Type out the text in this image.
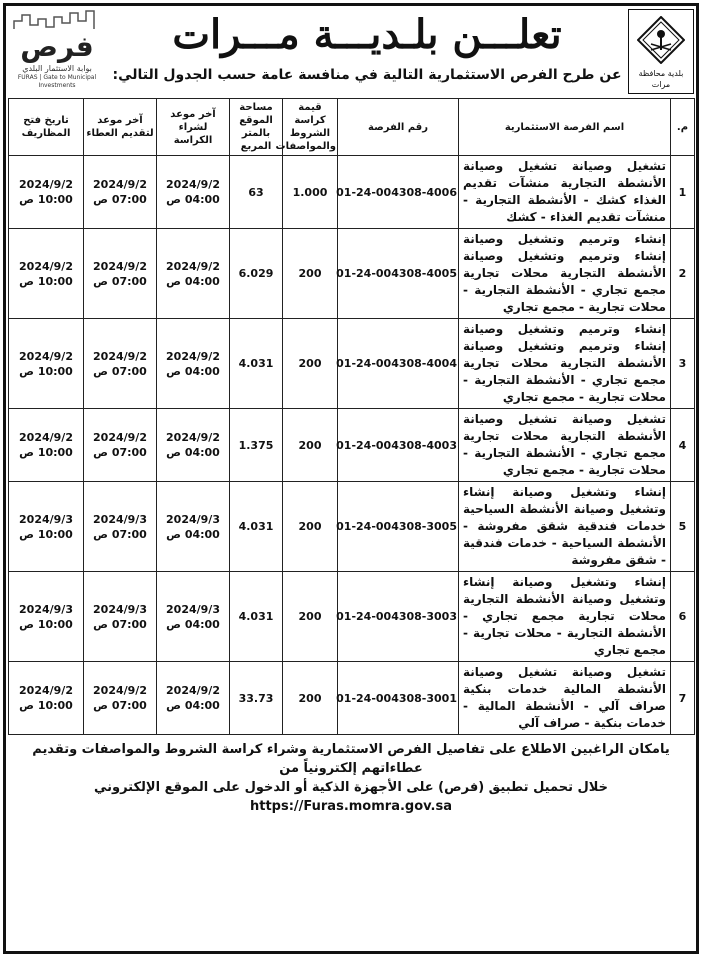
فرص
بوابة الاستثمار البلدي
FURAS | Gate to Municipal Investments
تعلـــن بلـديـــة مـــرات
عن طرح الفرص الاستثمارية التالية في منافسة عامة حسب الجدول التالي:	بلدية محافظة مرات
م.	اسم الفرصة الاستثمارية	رقم الفرصة	قيمة كراسة الشروط والمواصفات	مساحة الموقع بالمتر المربع	آخر موعد لشراء الكراسة	آخر موعد لتقديم العطاء	تاريخ فتح المظاريف
1	تشغيل وصيانة تشغيل وصيانة الأنشطة التجارية منشآت تقديم الغذاء كشك - الأنشطة التجارية - منشآت تقديم الغذاء - كشك	01-24-004308-4006	1.000	63	2024/9/2 04:00 ص	2024/9/2 07:00 ص	2024/9/2 10:00 ص
2	إنشاء وترميم وتشغيل وصيانة إنشاء وترميم وتشغيل وصيانة الأنشطة التجارية محلات تجارية مجمع تجاري - الأنشطة التجارية - محلات تجارية - مجمع تجاري	01-24-004308-4005	200	6.029	2024/9/2 04:00 ص	2024/9/2 07:00 ص	2024/9/2 10:00 ص
3	إنشاء وترميم وتشغيل وصيانة إنشاء وترميم وتشغيل وصيانة الأنشطة التجارية محلات تجارية مجمع تجاري - الأنشطة التجارية - محلات تجارية - مجمع تجاري	01-24-004308-4004	200	4.031	2024/9/2 04:00 ص	2024/9/2 07:00 ص	2024/9/2 10:00 ص
4	تشغيل وصيانة تشغيل وصيانة الأنشطة التجارية محلات تجارية مجمع تجاري - الأنشطة التجارية - محلات تجارية - مجمع تجاري	01-24-004308-4003	200	1.375	2024/9/2 04:00 ص	2024/9/2 07:00 ص	2024/9/2 10:00 ص
5	إنشاء وتشغيل وصيانة إنشاء وتشغيل وصيانة الأنشطة السياحية خدمات فندقية شقق مفروشة - الأنشطة السياحية - خدمات فندقية - شقق مفروشة	01-24-004308-3005	200	4.031	2024/9/3 04:00 ص	2024/9/3 07:00 ص	2024/9/3 10:00 ص
6	إنشاء وتشغيل وصيانة إنشاء وتشغيل وصيانة الأنشطة التجارية محلات تجارية مجمع تجاري - الأنشطة التجارية - محلات تجارية - مجمع تجاري	01-24-004308-3003	200	4.031	2024/9/3 04:00 ص	2024/9/3 07:00 ص	2024/9/3 10:00 ص
7	تشغيل وصيانة تشغيل وصيانة الأنشطة المالية خدمات بنكية صراف آلي - الأنشطة المالية - خدمات بنكية - صراف آلي	01-24-004308-3001	200	33.73	2024/9/2 04:00 ص	2024/9/2 07:00 ص	2024/9/2 10:00 ص
يامكان الراغبين الاطلاع على تفاصيل الفرص الاستثمارية وشراء كراسة الشروط والمواصفات وتقديم عطاءاتهم إلكترونياً من
خلال تحميل تطبيق (فرص) على الأجهزة الذكية أو الدخول على الموقع الإلكتروني https://Furas.momra.gov.sa
